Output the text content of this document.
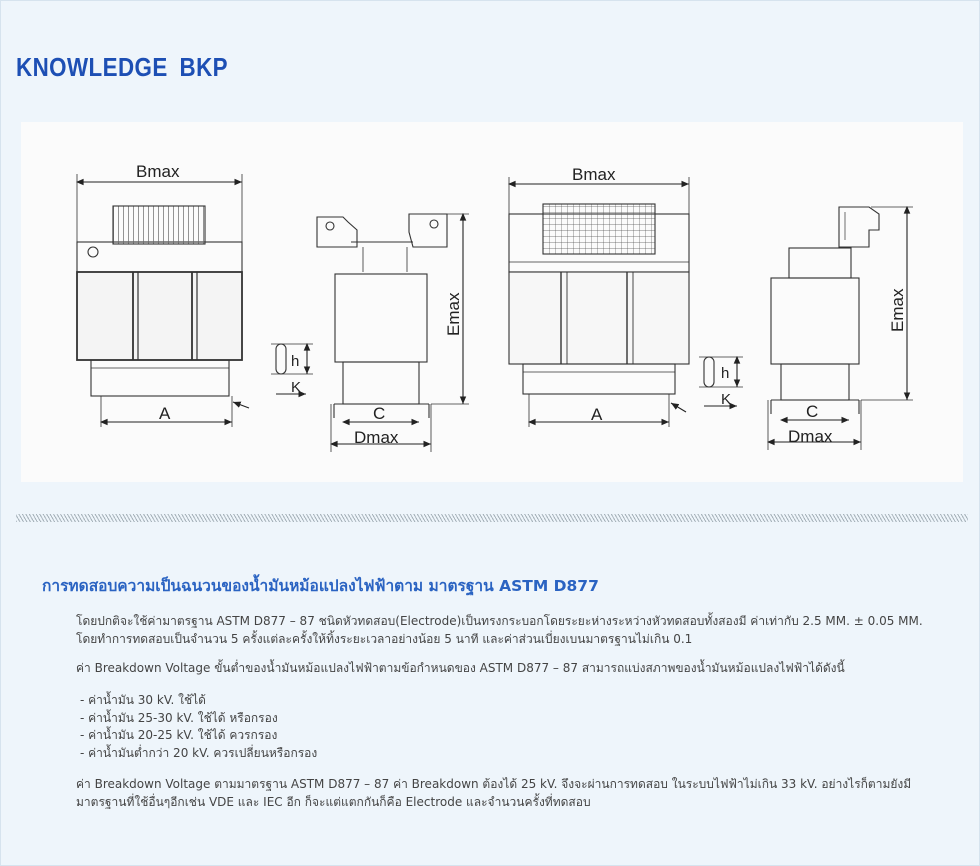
KNOWLEDGE BKP
Bmax
A
h
K
C
Dmax
Emax
Bmax
A
h
K
C
Dmax
Emax
การทดสอบความเป็นฉนวนของน้ำมันหม้อแปลงไฟฟ้าตาม มาตรฐาน ASTM D877
โดยปกติจะใช้ค่ามาตรฐาน ASTM D877 – 87 ชนิดหัวทดสอบ(Electrode)เป็นทรงกระบอกโดยระยะห่างระหว่างหัวทดสอบทั้งสองมี ค่าเท่ากับ 2.5 MM. ± 0.05 MM. โดยทำการทดสอบเป็นจำนวน 5 ครั้งแต่ละครั้งให้ทิ้งระยะเวลาอย่างน้อย 5 นาที และค่าส่วนเบี่ยงเบนมาตรฐานไม่เกิน 0.1
ค่า Breakdown Voltage ขั้นต่ำของน้ำมันหม้อแปลงไฟฟ้าตามข้อกำหนดของ ASTM D877 – 87 สามารถแบ่งสภาพของน้ำมันหม้อแปลงไฟฟ้าได้ดังนี้
- ค่าน้ำมัน 30 kV. ใช้ได้
- ค่าน้ำมัน 25-30 kV. ใช้ได้ หรือกรอง
- ค่าน้ำมัน 20-25 kV. ใช้ได้ ควรกรอง
- ค่าน้ำมันต่ำกว่า 20 kV. ควรเปลี่ยนหรือกรอง
ค่า Breakdown Voltage ตามมาตรฐาน ASTM D877 – 87 ค่า Breakdown ต้องได้ 25 kV. จึงจะผ่านการทดสอบ ในระบบไฟฟ้าไม่เกิน 33 kV. อย่างไรก็ตามยังมีมาตรฐานที่ใช้อื่นๆอีกเช่น VDE และ IEC อีก ก็จะแต่แตกกันก็คือ Electrode และจำนวนครั้งที่ทดสอบ
